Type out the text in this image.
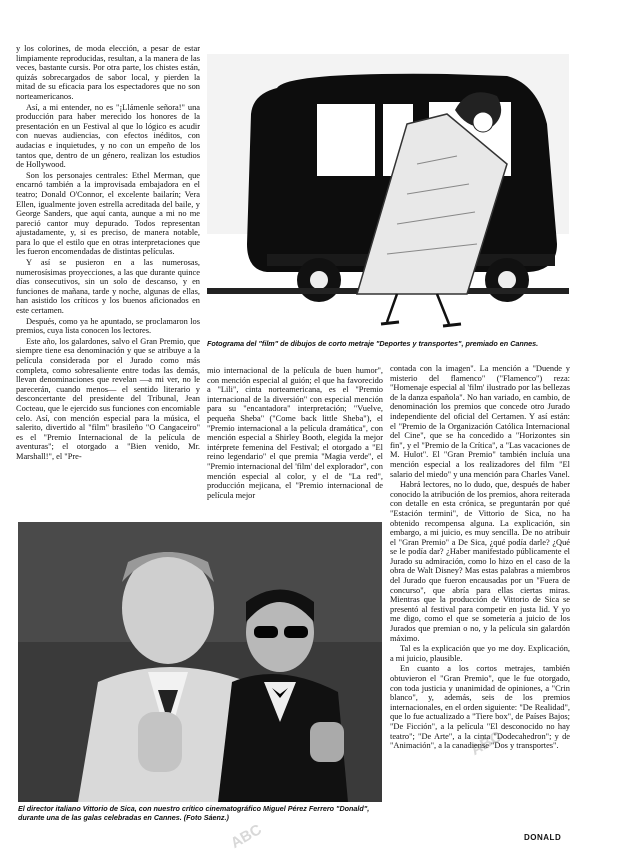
ABC
ABC

y los colorines, de moda elección, a pesar de estar limpiamente reproducidas, resultan, a la manera de las veces, bastante cursis. Por otra parte, los chistes están, quizás sobrecargados de sabor local, y pierden la mitad de su eficacia para los espectadores que no son norteamericanos.

Así, a mi entender, no es "¡Llámenle señora!" una producción para haber merecido los honores de la presentación en un Festival al que lo lógico es acudir con nuevas audiencias, con efectos inéditos, con audacias e inquietudes, y no con un empeño de los tantos que, dentro de un género, realizan los estudios de Hollywood.

Son los personajes centrales: Ethel Merman, que encarnó también a la improvisada embajadora en el teatro; Donald O'Connor, el excelente bailarín; Vera Ellen, igualmente joven estrella acreditada del baile, y George Sanders, que aquí canta, aunque a mi no me pareció cantor muy depurado. Todos representan ajustadamente, y, si es preciso, de manera notable, para lo que el estilo que en otras interpretaciones que les fueron encomendadas de distintas películas.

Y así se pusieron en a las numerosas, numerosísimas proyecciones, a las que durante quince días consecutivos, sin un solo de descanso, y en funciones de mañana, tarde y noche, algunas de ellas, han asistido los críticos y los buenos aficionados en este certamen.

Después, como ya he apuntado, se proclamaron los premios, cuya lista conocen los lectores.

Este año, los galardones, salvo el Gran Premio, que siempre tiene esa denominación y que se atribuye a la película considerada por el Jurado como más completa, como sobresaliente entre todas las demás, llevan denominaciones que revelan —a mi ver, no le parecerán, cuando menos— el sentido literario y desconcertante del presidente del Tribunal, Jean Cocteau, que le ejercido sus funciones con encomiable celo. Así, con mención especial para la música, el salerito, divertido al "film" brasileño "O Cangaceiro" es el "Premio Internacional de la película de aventuras"; el otorgado a "Bien venido, Mr. Marshall!", el "Pre-

Fotograma del "film" de dibujos de corto metraje "Deportes y transportes", premiado en Cannes.

mio internacional de la película de buen humor", con mención especial al guión; el que ha favorecido a "Lili", cinta norteamericana, es el "Premio internacional de la diversión" con especial mención para su "encantadora" interpretación; "Vuelve, pequeña Sheba" ("Come back little Sheba"), el "Premio internacional a la película dramática", con mención especial a Shirley Booth, elegida la mejor intérprete femenina del Festival; el otorgado a "El reino legendario" el que premia "Magia verde", el "Premio internacional del 'film' del explorador", con mención especial al color, y el de "La red", producción mejicana, el "Premio internacional de película mejor

contada con la imagen". La mención a "Duende y misterio del flamenco" ("Flamenco") reza: "Homenaje especial al 'film' ilustrado por las bellezas de la danza española". No han variado, en cambio, de denominación los premios que concede otro Jurado independiente del oficial del Certamen. Y así están: el "Premio de la Organización Católica Internacional del Cine", que se ha concedido a "Horizontes sin fin", y el "Premio de la Crítica", a "Las vacaciones de M. Hulot". El "Gran Premio" también incluía una mención especial a los realizadores del film "El salario del miedo" y una mención para Charles Vanel.

Habrá lectores, no lo dudo, que, después de haber conocido la atribución de los premios, ahora reiterada con detalle en esta crónica, se preguntarán por qué "Estación termini", de Vittorio de Sica, no ha obtenido recompensa alguna. La explicación, sin embargo, a mi juicio, es muy sencilla. De no atribuir el "Gran Premio" a De Sica, ¿qué podía darle? ¿Qué se le podía dar? ¿Haber manifestado públicamente el Jurado su admiración, como lo hizo en el caso de la obra de Walt Disney? Mas estas palabras a miembros del Jurado que fueron encausadas por un "Fuera de concurso", que abría para ellas ciertas miras. Mientras que la producción de Vittorio de Sica se presentó al festival para competir en justa lid. Y yo me digo, como el que se sometería a juicio de los Jurados que premian o no, y la película sin galardón máximo.

Tal es la explicación que yo me doy. Explicación, a mi juicio, plausible.

En cuanto a los cortos metrajes, también obtuvieron el "Gran Premio", que le fue otorgado, con toda justicia y unanimidad de opiniones, a "Crin blanco", y, además, seis de los premios internacionales, en el orden siguiente: "De Realidad", que lo fue actualizado a "Tiere box", de Países Bajos; "De Ficción", a la película "El desconocido no hay teatro"; "De Arte", a la cinta "Dodecahedron"; y de "Animación", a la canadiense "Dos y transportes".

El director italiano Vittorio de Sica, con nuestro crítico cinematográfico Miguel Pérez Ferrero "Donald", durante una de las galas celebradas en Cannes. (Foto Sáenz.)
DONALD
